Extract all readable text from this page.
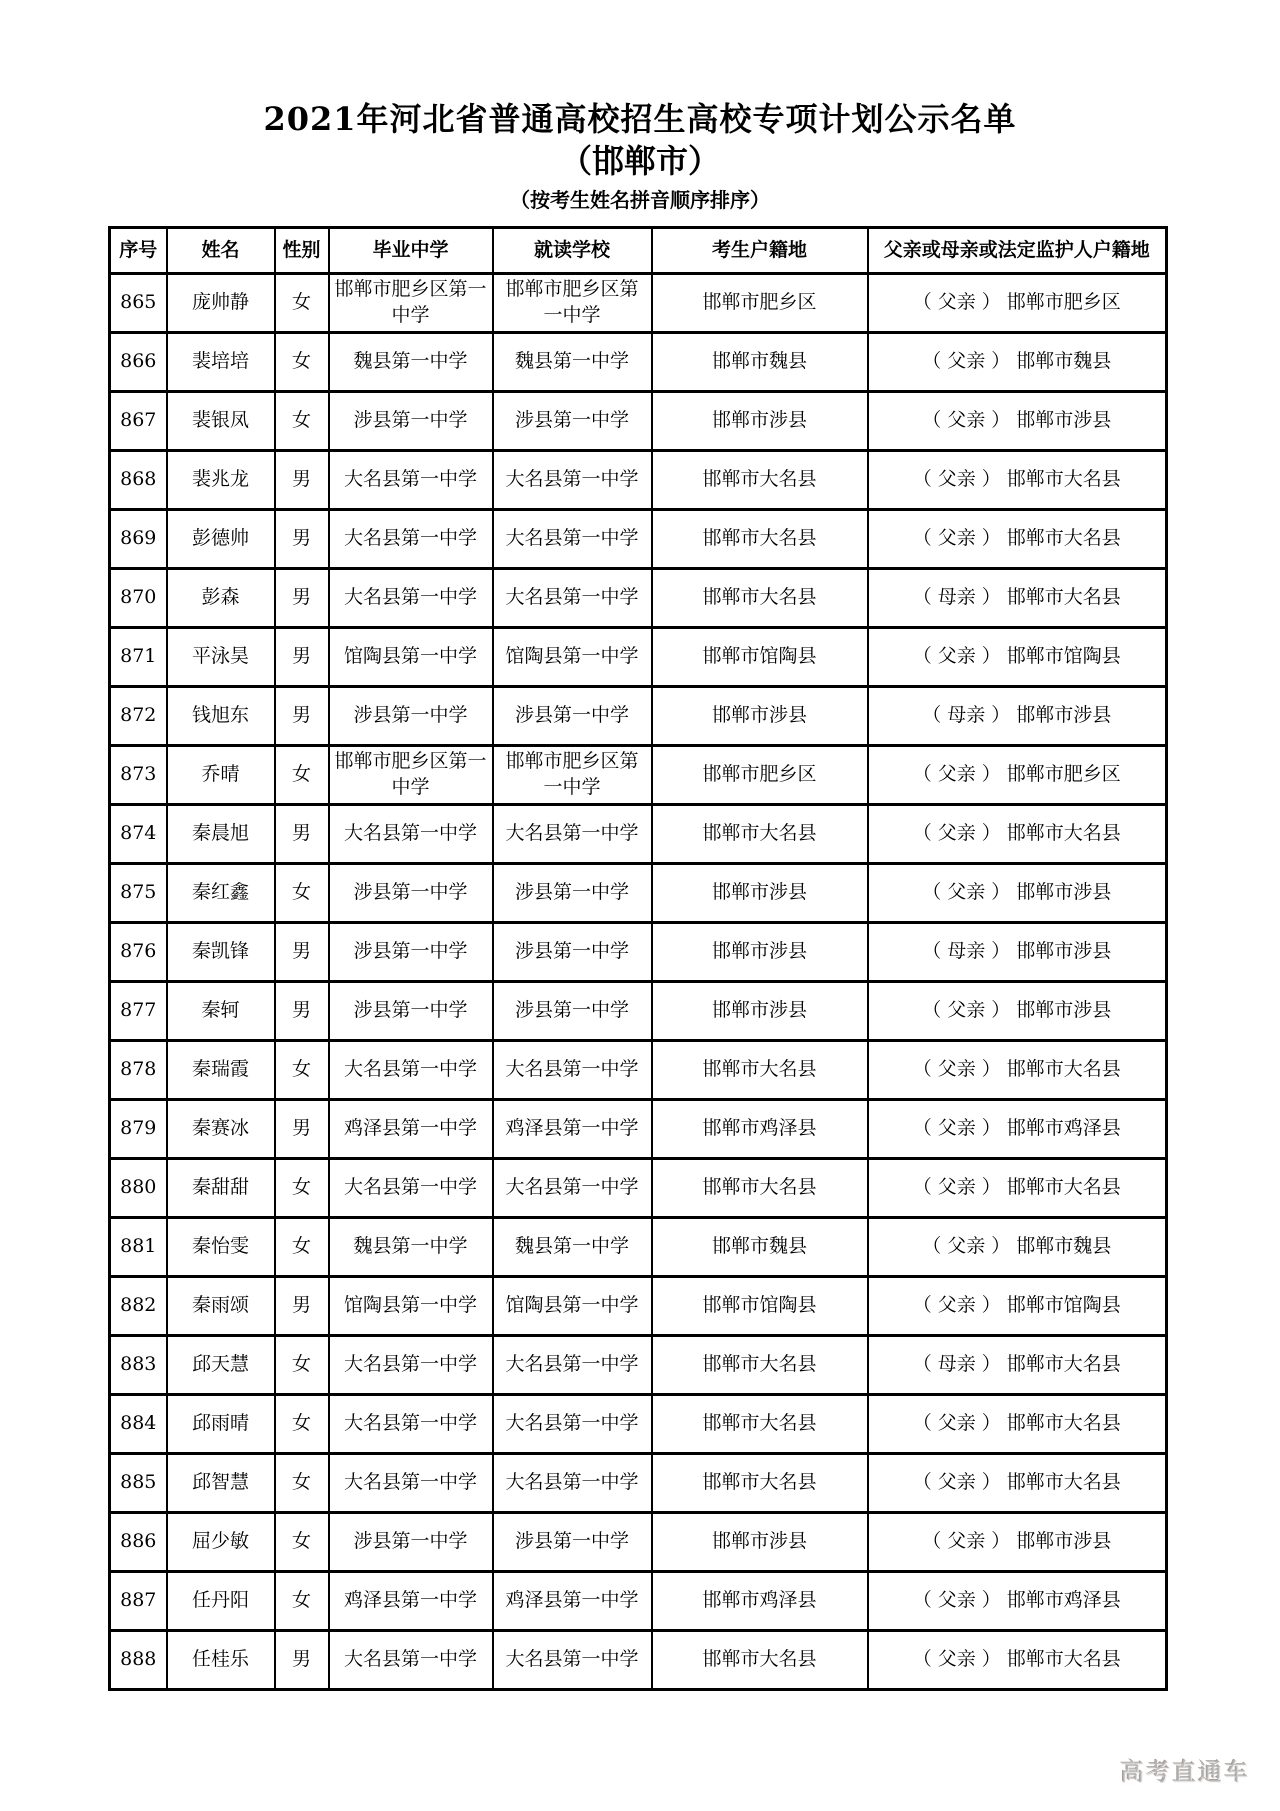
2021年河北省普通高校招生高校专项计划公示名单
（邯郸市）
（按考生姓名拼音顺序排序）
序号	姓名	性别	毕业中学	就读学校	考生户籍地	父亲或母亲或法定监护人户籍地
865	庞帅静	女	邯郸市肥乡区第一中学	邯郸市肥乡区第一中学	邯郸市肥乡区	（ 父亲 ） 邯郸市肥乡区
866	裴培培	女	魏县第一中学	魏县第一中学	邯郸市魏县	（ 父亲 ） 邯郸市魏县
867	裴银凤	女	涉县第一中学	涉县第一中学	邯郸市涉县	（ 父亲 ） 邯郸市涉县
868	裴兆龙	男	大名县第一中学	大名县第一中学	邯郸市大名县	（ 父亲 ） 邯郸市大名县
869	彭德帅	男	大名县第一中学	大名县第一中学	邯郸市大名县	（ 父亲 ） 邯郸市大名县
870	彭森	男	大名县第一中学	大名县第一中学	邯郸市大名县	（ 母亲 ） 邯郸市大名县
871	平泳昊	男	馆陶县第一中学	馆陶县第一中学	邯郸市馆陶县	（ 父亲 ） 邯郸市馆陶县
872	钱旭东	男	涉县第一中学	涉县第一中学	邯郸市涉县	（ 母亲 ） 邯郸市涉县
873	乔晴	女	邯郸市肥乡区第一中学	邯郸市肥乡区第一中学	邯郸市肥乡区	（ 父亲 ） 邯郸市肥乡区
874	秦晨旭	男	大名县第一中学	大名县第一中学	邯郸市大名县	（ 父亲 ） 邯郸市大名县
875	秦红鑫	女	涉县第一中学	涉县第一中学	邯郸市涉县	（ 父亲 ） 邯郸市涉县
876	秦凯锋	男	涉县第一中学	涉县第一中学	邯郸市涉县	（ 母亲 ） 邯郸市涉县
877	秦轲	男	涉县第一中学	涉县第一中学	邯郸市涉县	（ 父亲 ） 邯郸市涉县
878	秦瑞霞	女	大名县第一中学	大名县第一中学	邯郸市大名县	（ 父亲 ） 邯郸市大名县
879	秦赛冰	男	鸡泽县第一中学	鸡泽县第一中学	邯郸市鸡泽县	（ 父亲 ） 邯郸市鸡泽县
880	秦甜甜	女	大名县第一中学	大名县第一中学	邯郸市大名县	（ 父亲 ） 邯郸市大名县
881	秦怡雯	女	魏县第一中学	魏县第一中学	邯郸市魏县	（ 父亲 ） 邯郸市魏县
882	秦雨颂	男	馆陶县第一中学	馆陶县第一中学	邯郸市馆陶县	（ 父亲 ） 邯郸市馆陶县
883	邱天慧	女	大名县第一中学	大名县第一中学	邯郸市大名县	（ 母亲 ） 邯郸市大名县
884	邱雨晴	女	大名县第一中学	大名县第一中学	邯郸市大名县	（ 父亲 ） 邯郸市大名县
885	邱智慧	女	大名县第一中学	大名县第一中学	邯郸市大名县	（ 父亲 ） 邯郸市大名县
886	屈少敏	女	涉县第一中学	涉县第一中学	邯郸市涉县	（ 父亲 ） 邯郸市涉县
887	任丹阳	女	鸡泽县第一中学	鸡泽县第一中学	邯郸市鸡泽县	（ 父亲 ） 邯郸市鸡泽县
888	任桂乐	男	大名县第一中学	大名县第一中学	邯郸市大名县	（ 父亲 ） 邯郸市大名县
高考直通车
